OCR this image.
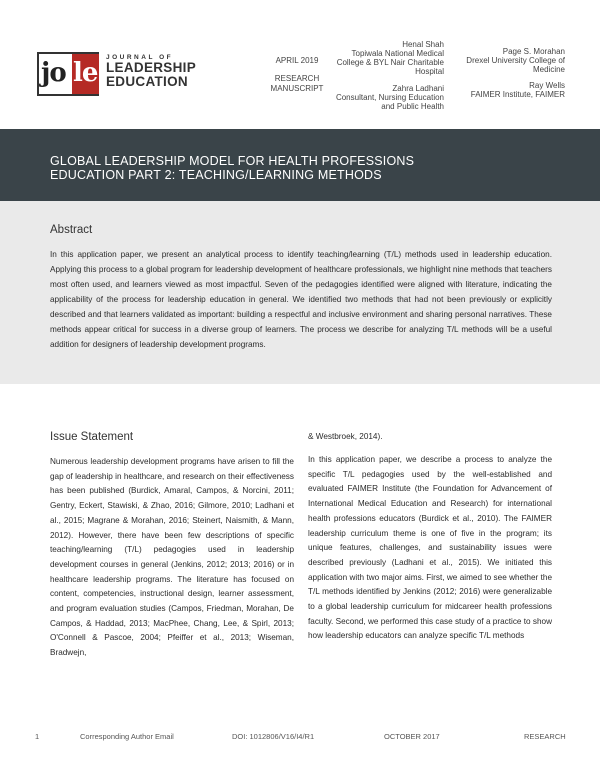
jo le
JOURNAL OF
LEADERSHIP
EDUCATION
APRIL 2019
RESEARCH MANUSCRIPT
Henal Shah
Topiwala National Medical College & BYL Nair Charitable Hospital
Zahra Ladhani
Consultant, Nursing Education and Public Health
Page S. Morahan
Drexel University College of Medicine
Ray Wells
FAIMER Institute, FAIMER
GLOBAL LEADERSHIP MODEL FOR HEALTH PROFESSIONS EDUCATION PART 2: TEACHING/LEARNING METHODS
Abstract

In this application paper, we present an analytical process to identify teaching/learning (T/L) methods used in leadership education. Applying this process to a global program for leadership development of healthcare professionals, we highlight nine methods that teachers most often used, and learners viewed as most impactful. Seven of the pedagogies identified were aligned with literature, indicating the applicability of the process for leadership education in general. We identified two methods that had not been previously or explicitly described and that learners validated as important: building a respectful and inclusive environment and sharing personal narratives. These methods appear critical for success in a diverse group of learners. The process we describe for analyzing T/L methods will be a useful addition for designers of leadership development programs.

Issue Statement

Numerous leadership development programs have arisen to fill the gap of leadership in healthcare, and research on their effectiveness has been published (Burdick, Amaral, Campos, & Norcini, 2011; Gentry, Eckert, Stawiski, & Zhao, 2016; Gilmore, 2010; Ladhani et al., 2015; Magrane & Morahan, 2016; Steinert, Naismith, & Mann, 2012). However, there have been few descriptions of specific teaching/learning (T/L) pedagogies used in leadership development courses in general (Jenkins, 2012; 2013; 2016) or in healthcare leadership programs. The literature has focused on content, competencies, instructional design, learner assessment, and program evaluation studies (Campos, Friedman, Morahan, De Campos, & Haddad, 2013; MacPhee, Chang, Lee, & Spirl, 2013; O'Connell & Pascoe, 2004; Pfeiffer et al., 2013; Wiseman, Bradwejn,

& Westbroek, 2014).

In this application paper, we describe a process to analyze the specific T/L pedagogies used by the well-established and evaluated FAIMER Institute (the Foundation for Advancement of International Medical Education and Research) for international health professions educators (Burdick et al., 2010). The FAIMER leadership curriculum theme is one of five in the program; its unique features, challenges, and sustainability issues were described previously (Ladhani et al., 2015). We initiated this application with two major aims. First, we aimed to see whether the T/L methods identified by Jenkins (2012; 2016) were generalizable to a global leadership curriculum for midcareer health professions faculty. Second, we performed this case study of a practice to show how leadership educators can analyze specific T/L methods

1	Corresponding Author Email	DOI: 1012806/V16/I4/R1	OCTOBER 2017	RESEARCH
